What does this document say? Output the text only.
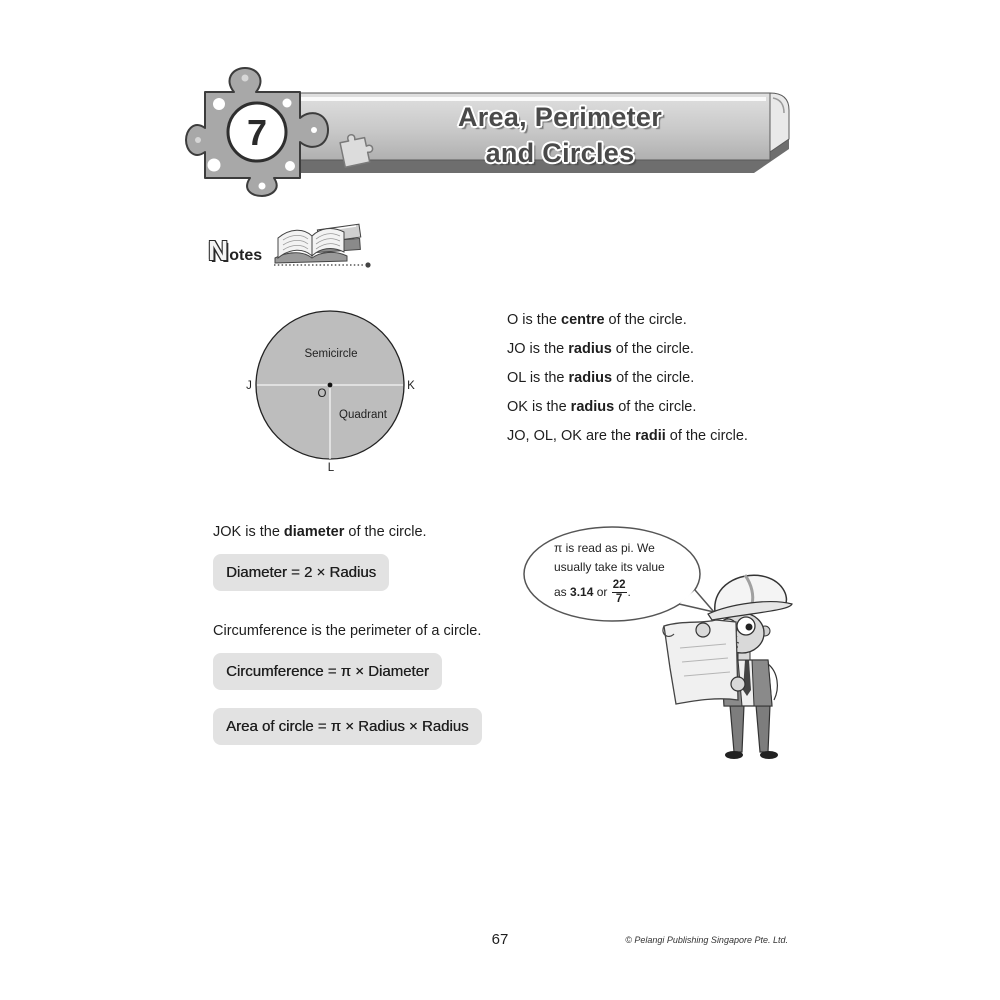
7
Semicircle
J	K
O
Quadrant
L
Area, Perimeter
and Circles
Notes
O is the centre of the circle.
JO is the radius of the circle.
OL is the radius of the circle.
OK is the radius of the circle.
JO, OL, OK are the radii of the circle.
JOK is the diameter of the circle.
Diameter = 2 × Radius
Circumference is the perimeter of a circle.
Circumference = π × Diameter
Area of circle = π × Radius × Radius
π is read as pi. We
usually take its value
as 3.14 or $\frac{22}{7}$ .
67	© Pelangi Publishing Singapore Pte. Ltd.
